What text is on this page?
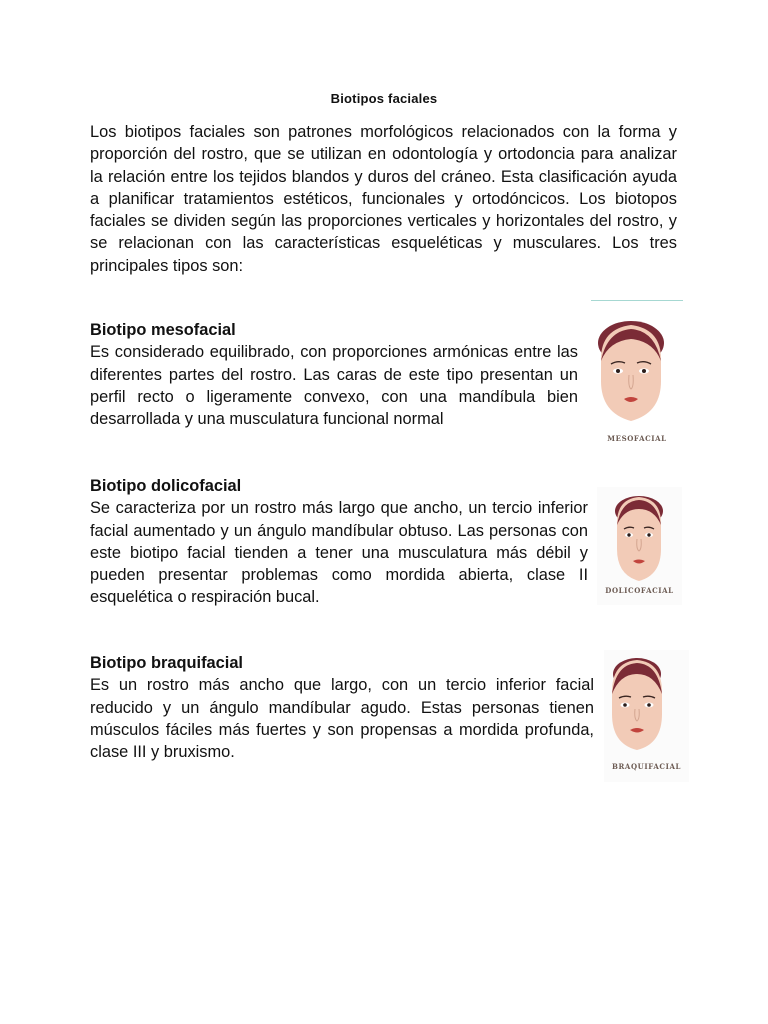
Biotipos faciales

Los biotipos faciales son patrones morfológicos relacionados con la forma y proporción del rostro, que se utilizan en odontología y ortodoncia para analizar la relación entre los tejidos blandos y duros del cráneo. Esta clasificación ayuda a planificar tratamientos estéticos, funcionales y ortodóncicos. Los biotopos faciales se dividen según las proporciones verticales y horizontales del rostro, y se relacionan con las características esqueléticas y musculares. Los tres principales tipos son:

Biotipo mesofacial

Es considerado equilibrado, con proporciones armónicas entre las diferentes partes del rostro. Las caras de este tipo presentan un perfil recto o ligeramente convexo, con una mandíbula bien desarrollada y una musculatura funcional normal

MESOFACIAL
Biotipo dolicofacial

Se caracteriza por un rostro más largo que ancho, un tercio inferior facial aumentado y un ángulo mandíbular obtuso. Las personas con este biotipo facial tienden a tener una musculatura más débil y pueden presentar problemas como mordida abierta, clase II esquelética o respiración bucal.	DOLICOFACIAL
Biotipo braquifacial

Es un rostro más ancho que largo, con un tercio inferior facial reducido y un ángulo mandíbular agudo. Estas personas tienen músculos fáciles más fuertes y son propensas a mordida profunda, clase III y bruxismo.

BRAQUIFACIAL
